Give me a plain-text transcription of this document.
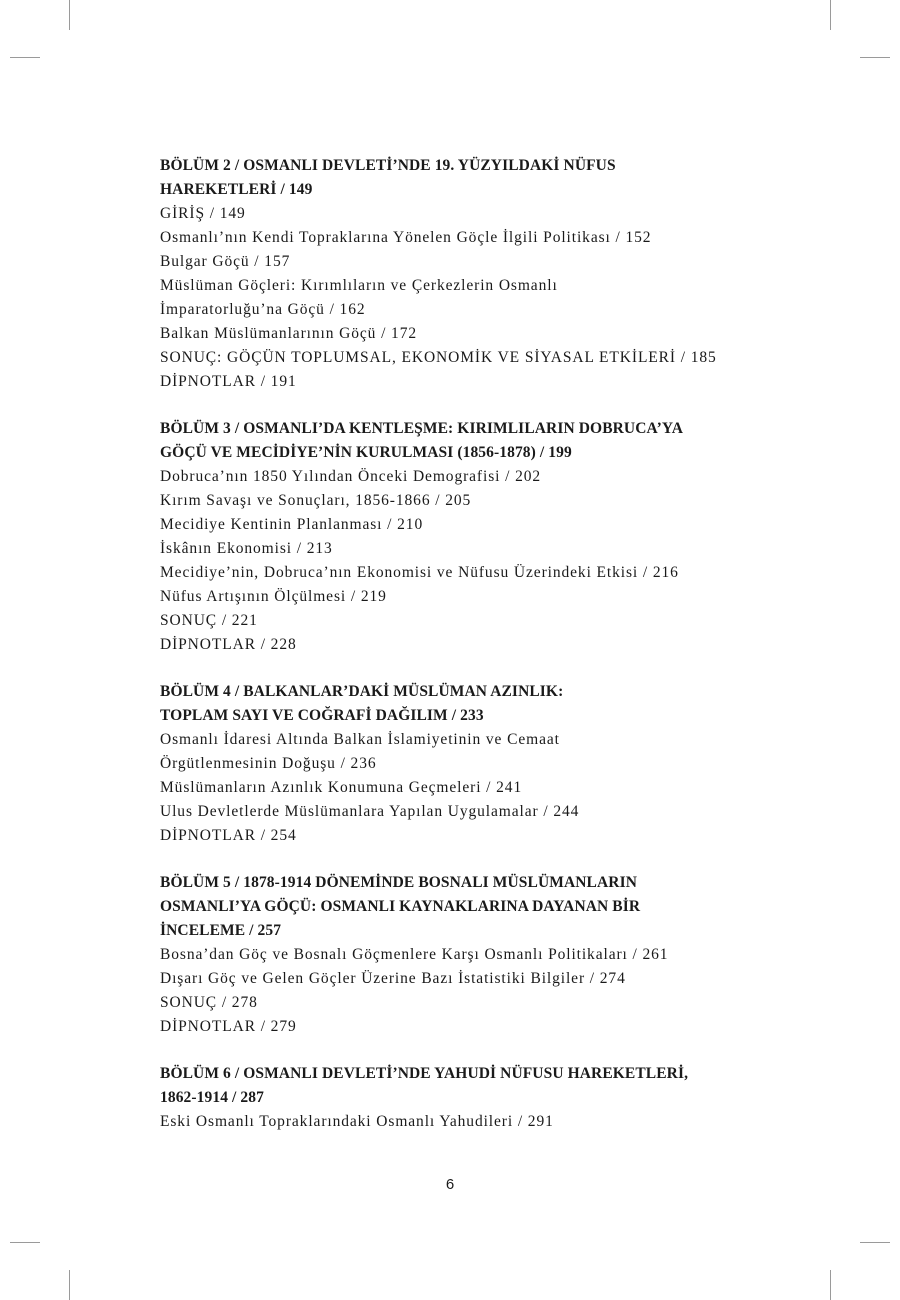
BÖLÜM 2 / OSMANLI DEVLETİ’NDE 19. YÜZYILDAKİ NÜFUS
HAREKETLERİ / 149
GİRİŞ / 149
Osmanlı’nın Kendi Topraklarına Yönelen Göçle İlgili Politikası / 152
Bulgar Göçü / 157
Müslüman Göçleri: Kırımlıların ve Çerkezlerin Osmanlı
İmparatorluğu’na Göçü / 162
Balkan Müslümanlarının Göçü / 172
SONUÇ: GÖÇÜN TOPLUMSAL, EKONOMİK VE SİYASAL ETKİLERİ / 185
DİPNOTLAR / 191
BÖLÜM 3 / OSMANLI’DA KENTLEŞME: KIRIMLILARIN DOBRUCA’YA
GÖÇÜ VE MECİDİYE’NİN KURULMASI (1856-1878) / 199
Dobruca’nın 1850 Yılından Önceki Demografisi / 202
Kırım Savaşı ve Sonuçları, 1856-1866 / 205
Mecidiye Kentinin Planlanması / 210
İskânın Ekonomisi / 213
Mecidiye’nin, Dobruca’nın Ekonomisi ve Nüfusu Üzerindeki Etkisi / 216
Nüfus Artışının Ölçülmesi / 219
SONUÇ / 221
DİPNOTLAR / 228
BÖLÜM 4 / BALKANLAR’DAKİ MÜSLÜMAN AZINLIK:
TOPLAM SAYI VE COĞRAFİ DAĞILIM / 233
Osmanlı İdaresi Altında Balkan İslamiyetinin ve Cemaat
Örgütlenmesinin Doğuşu / 236
Müslümanların Azınlık Konumuna Geçmeleri / 241
Ulus Devletlerde Müslümanlara Yapılan Uygulamalar / 244
DİPNOTLAR / 254
BÖLÜM 5 / 1878-1914 DÖNEMİNDE BOSNALI MÜSLÜMANLARIN
OSMANLI’YA GÖÇÜ: OSMANLI KAYNAKLARINA DAYANAN BİR
İNCELEME / 257
Bosna’dan Göç ve Bosnalı Göçmenlere Karşı Osmanlı Politikaları / 261
Dışarı Göç ve Gelen Göçler Üzerine Bazı İstatistiki Bilgiler / 274
SONUÇ / 278
DİPNOTLAR / 279
BÖLÜM 6 / OSMANLI DEVLETİ’NDE YAHUDİ NÜFUSU HAREKETLERİ,
1862-1914 / 287
Eski Osmanlı Topraklarındaki Osmanlı Yahudileri / 291
6
